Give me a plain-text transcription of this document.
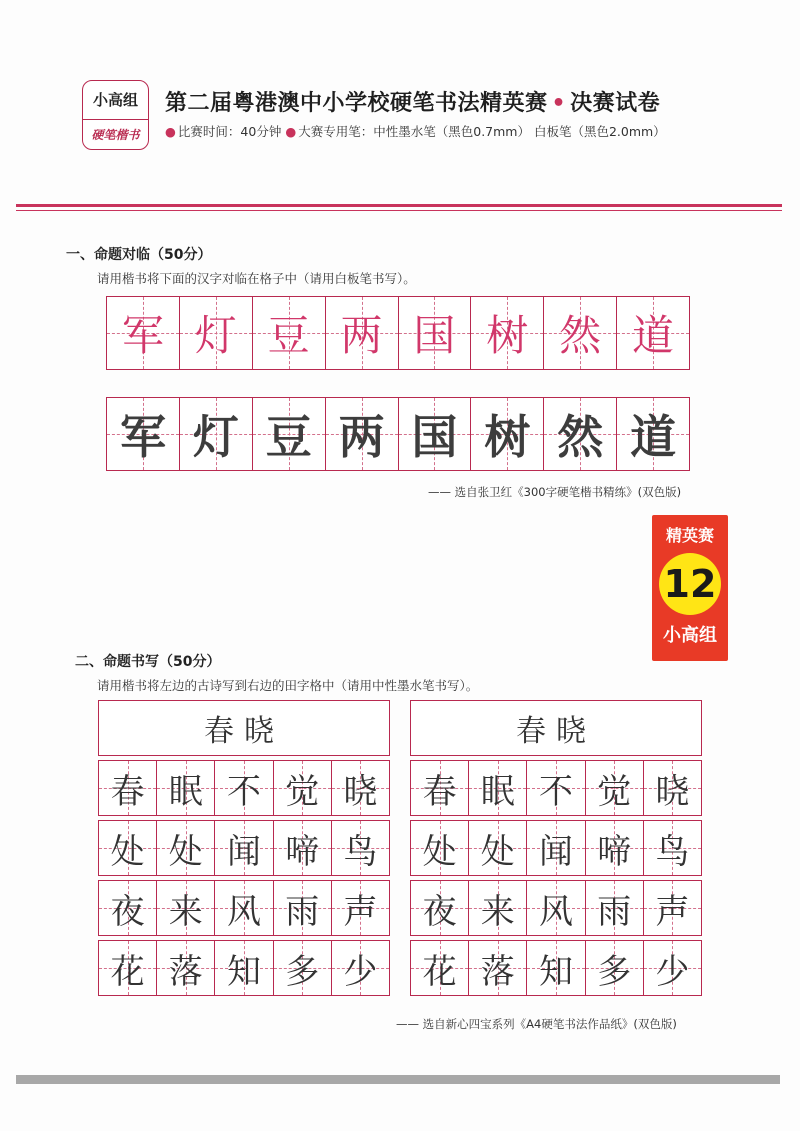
小高组
硬笔楷书
第二届粤港澳中小学校硬笔书法精英赛 • 决赛试卷
● 比赛时间：40分钟 ● 大赛专用笔：中性墨水笔（黑色0.7mm） 白板笔（黑色2.0mm）
一、命题对临（50分）
请用楷书将下面的汉字对临在格子中（请用白板笔书写）。
军 灯 豆 两 国 树 然 道
军 灯 豆 两 国 树 然 道
—— 选自张卫红《300字硬笔楷书精练》(双色版)
精英赛
12
小高组
二、命题书写（50分）
请用楷书将左边的古诗写到右边的田字格中（请用中性墨水笔书写）。
春晓
春 眠 不 觉 晓
处 处 闻 啼 鸟
夜 来 风 雨 声
花 落 知 多 少
春晓
春 眠 不 觉 晓
处 处 闻 啼 鸟
夜 来 风 雨 声
花 落 知 多 少
—— 选自新心四宝系列《A4硬笔书法作品纸》(双色版)
